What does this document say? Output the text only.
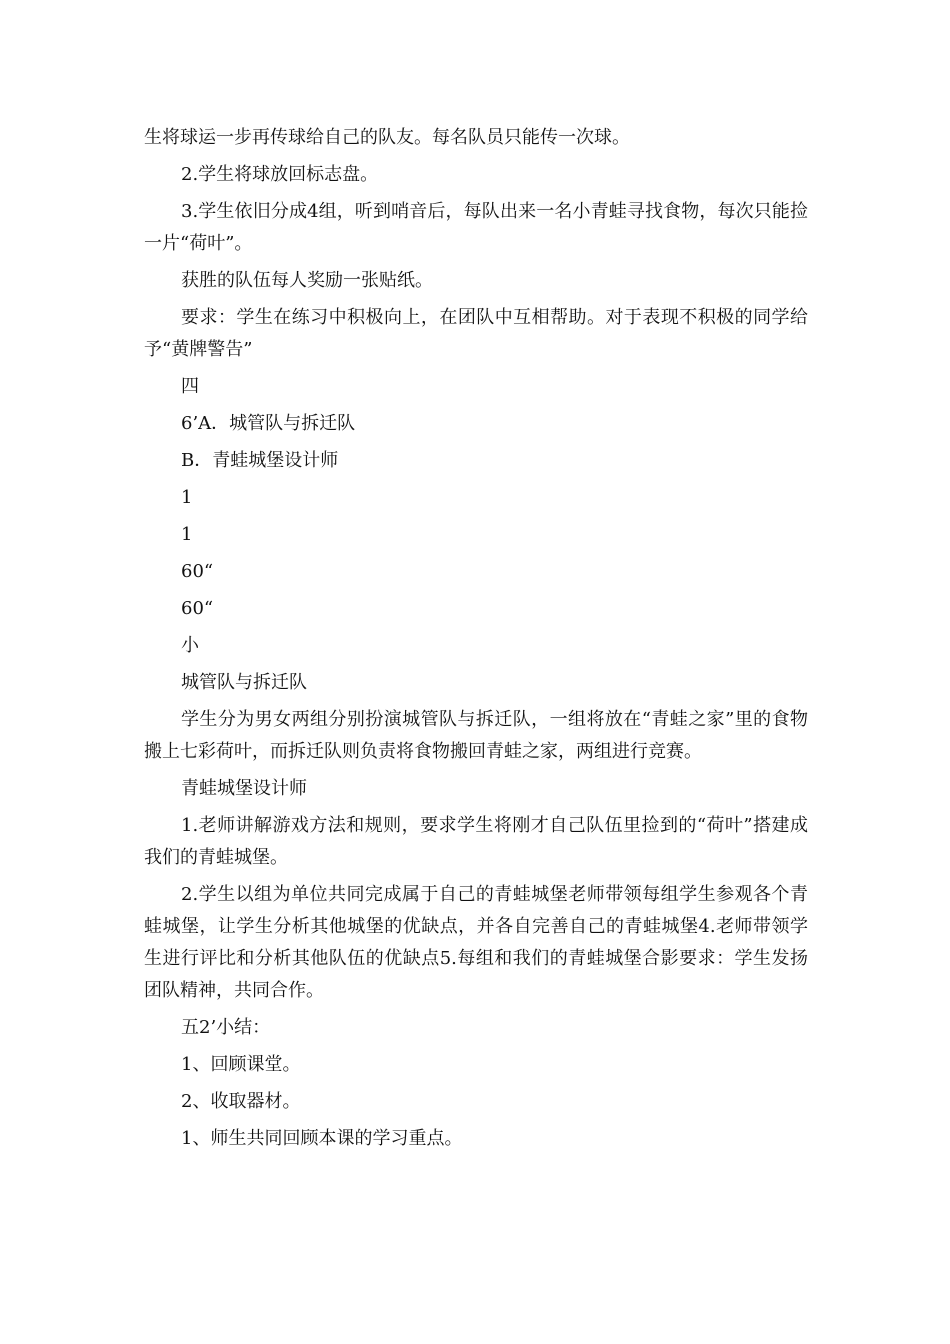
生将球运一步再传球给自己的队友。每名队员只能传一次球。

2.学生将球放回标志盘。

3.学生依旧分成4组，听到哨音后，每队出来一名小青蛙寻找食物，每次只能捡一片“荷叶”。

获胜的队伍每人奖励一张贴纸。

要求：学生在练习中积极向上，在团队中互相帮助。对于表现不积极的同学给予“黄牌警告”

四

6’A．城管队与拆迁队

B．青蛙城堡设计师

1

1

60“

60“

小

城管队与拆迁队

学生分为男女两组分别扮演城管队与拆迁队，一组将放在“青蛙之家”里的食物搬上七彩荷叶，而拆迁队则负责将食物搬回青蛙之家，两组进行竞赛。

青蛙城堡设计师

1.老师讲解游戏方法和规则，要求学生将刚才自己队伍里捡到的“荷叶”搭建成我们的青蛙城堡。

2.学生以组为单位共同完成属于自己的青蛙城堡老师带领每组学生参观各个青蛙城堡，让学生分析其他城堡的优缺点，并各自完善自己的青蛙城堡4.老师带领学生进行评比和分析其他队伍的优缺点5.每组和我们的青蛙城堡合影要求：学生发扬团队精神，共同合作。

五2’小结：

1、回顾课堂。

2、收取器材。

1、师生共同回顾本课的学习重点。
